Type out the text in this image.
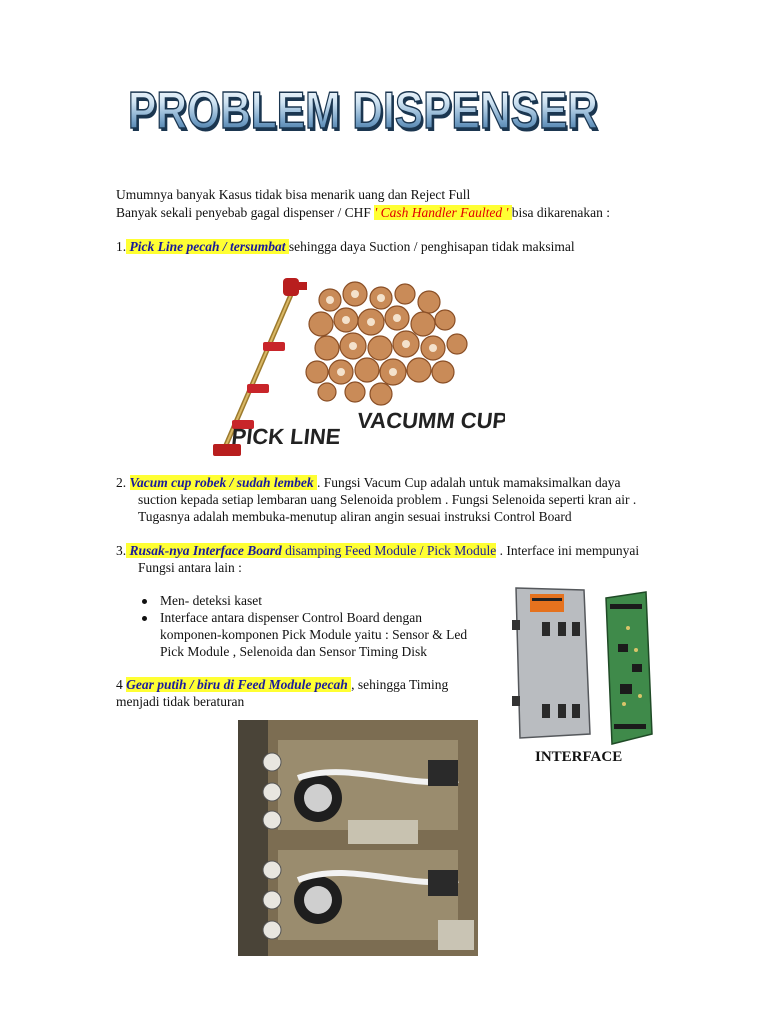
PROBLEM DISPENSER
PROBLEM DISPENSER
Umumnya banyak Kasus tidak bisa menarik uang dan Reject Full
Banyak sekali penyebab gagal dispenser / CHF ' Cash Handler Faulted ' bisa dikarenakan :
1. Pick Line pecah / tersumbat sehingga daya Suction / penghisapan tidak maksimal
PICK LINE
VACUMM CUP
2. Vacum cup robek / sudah lembek . Fungsi Vacum Cup adalah untuk mamaksimalkan daya
suction kepada setiap lembaran uang Selenoida problem . Fungsi Selenoida seperti kran air .
Tugasnya adalah membuka-menutup aliran angin sesuai instruksi Control Board
3. Rusak-nya Interface Board disamping Feed Module / Pick Module . Interface ini mempunyai
Fungsi antara lain :
Men- deteksi kaset
Interface antara dispenser Control Board dengan
komponen-komponen Pick Module yaitu : Sensor & Led
Pick Module , Selenoida dan Sensor Timing Disk
INTERFACE
4 Gear putih / biru di Feed Module pecah , sehingga Timing
menjadi tidak beraturan
